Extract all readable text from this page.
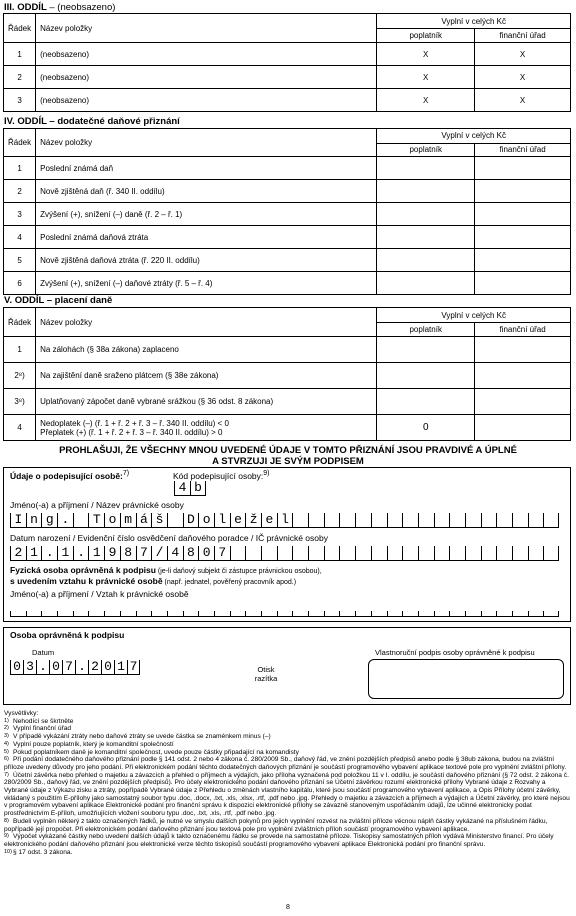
III. ODDÍL – (neobsazeno)
Řádek	Název položky	Vyplní v celých Kč	
		poplatník	finanční úřad
1	(neobsazeno)	X	X
2	(neobsazeno)	X	X
3	(neobsazeno)	X	X
IV. ODDÍL – dodatečné daňové přiznání
Řádek	Název položky	Vyplní v celých Kč	
		poplatník	finanční úřad
1	Poslední známá daň		
2	Nově zjištěná daň (ř. 340 II. oddílu)		
3	Zvýšení (+), snížení (–) daně (ř. 2 – ř. 1)		
4	Poslední známá daňová ztráta		
5	Nově zjištěná daňová ztráta (ř. 220 II. oddílu)		
6	Zvýšení (+), snížení (–) daňové ztráty (ř. 5 – ř. 4)		
V. ODDÍL – placení daně
Řádek	Název položky	Vyplní v celých Kč	
		poplatník	finanční úřad
1	Na zálohách (§ 38a zákona) zaplaceno		
2⁸)	Na zajištění daně sraženo plátcem (§ 38e zákona)		
3⁸)	Uplatňovaný zápočet daně vybrané srážkou (§ 36 odst. 8 zákona)		
4	Nedoplatek (–) (ř. 1 + ř. 2 + ř. 3 – ř. 340 II. oddílu) < 0
Přeplatek (+) (ř. 1 + ř. 2 + ř. 3 – ř. 340 II. oddílu) > 0	0	
PROHLAŠUJI, ŽE VŠECHNY MNOU UVEDENÉ ÚDAJE V TOMTO PŘIZNÁNÍ JSOU PRAVDIVÉ A ÚPLNÉ
A STVRZUJI JE SVÝM PODPISEM
Údaje o podepisující osobě:$^{7)}$	Kód podepisující osoby:$^{9)}$
4 b
Jméno(-a) a příjmení / Název právnické osoby
I n g .	T o m á š	D o l e ž e l
Datum narození / Evidenční číslo osvědčení daňového poradce / IČ právnické osoby
2 1 . 1 . 1 9 8 7 / 4 8 0 7
Fyzická osoba oprávněná k podpisu (je-li daňový subjekt či zástupce právnickou osobou),
s uvedením vztahu k právnické osobě (např. jednatel, pověřený pracovník apod.)
Jméno(-a) a příjmení / Vztah k právnické osobě
Osoba oprávněná k podpisu
Datum
0 3 . 0 7 . 2 0 1 7	Otisk
razítka
Vlastnoruční podpis osoby oprávněné k podpisu
Vysvětlivky:

1) Nehodící se škrtněte

2) Vyplní finanční úřad

3) V případě vykázání ztráty nebo daňové ztráty se uvede částka se znaménkem minus (–)

4) Vyplní pouze poplatník, který je komanditní společností

5) Pokud poplatníkem daně je komanditní společnost, uvede pouze částky připadající na komandisty

6) Při podání dodatečného daňového přiznání podle § 141 odst. 2 nebo 4 zákona č. 280/2009 Sb., daňový řád, ve znění pozdějších předpisů anebo podle § 38ub zákona, budou na zvláštní příloze uvedeny důvody pro jeho podání. Při elektronickém podání těchto dodatečných daňových přiznání je součástí programového vybavení aplikace textové pole pro vyplnění zvláštní přílohy.

7) Účetní závěrka nebo přehled o majetku a závazcích a přehled o příjmech a výdajích, jako příloha vyznačená pod položkou 11 v I. oddílu, je součástí daňového přiznání (§ 72 odst. 2 zákona č. 280/2009 Sb., daňový řád, ve znění pozdějších předpisů). Pro účely elektronického podání daňového přiznání se Účetní závěrkou rozumí elektronické přílohy Vybrané údaje z Rozvahy a Vybrané údaje z Výkazu zisku a ztráty, popřípadě Vybrané údaje z Přehledu o změnách vlastního kapitálu, které jsou součástí programového vybavení aplikace, a Opis Přílohy účetní závěrky, vkládaný s použitím E-přílohy jako samostatný soubor typu .doc, .docx, .txt, .xls, .xlsx, .rtf, .pdf nebo .jpg. Přehledy o majetku a závazcích a příjmech a výdajích a Účetní závěrky, pro které nejsou v programovém vybavení aplikace Elektronické podání pro finanční správu k dispozici elektronické přílohy se závazně stanoveným uspořádáním údajů, lze učinné elektronicky podat prostřednictvím E-příloh, umožňujících vložení souboru typu .doc, .txt, .xls, .rtf, .pdf nebo .jpg.

8) Budeli vyplněn některý z takto označených řádků, je nutné ve smyslu dalších pokynů pro jejich vyplnění rozvést na zvláštní příloze věcnou náplň částky vykázané na příslušném řádku, popřípadě její propočet. Při elektronickém podání daňového přiznání jsou textová pole pro vyplnění zvláštních příloh součástí programového vybavení aplikace.

9) Výpočet vykázané částky nebo uvedení dalších údajů k takto označenému řádku se provede na samostatné příloze. Tiskopisy samostatných příloh vydává Ministerstvo financí. Pro účely elektronického podání daňového přiznání jsou elektronické verze těchto tiskopisů součástí programového vybavení aplikace Elektronická podání pro finanční správu.

10)§ 17 odst. 3 zákona.

8
